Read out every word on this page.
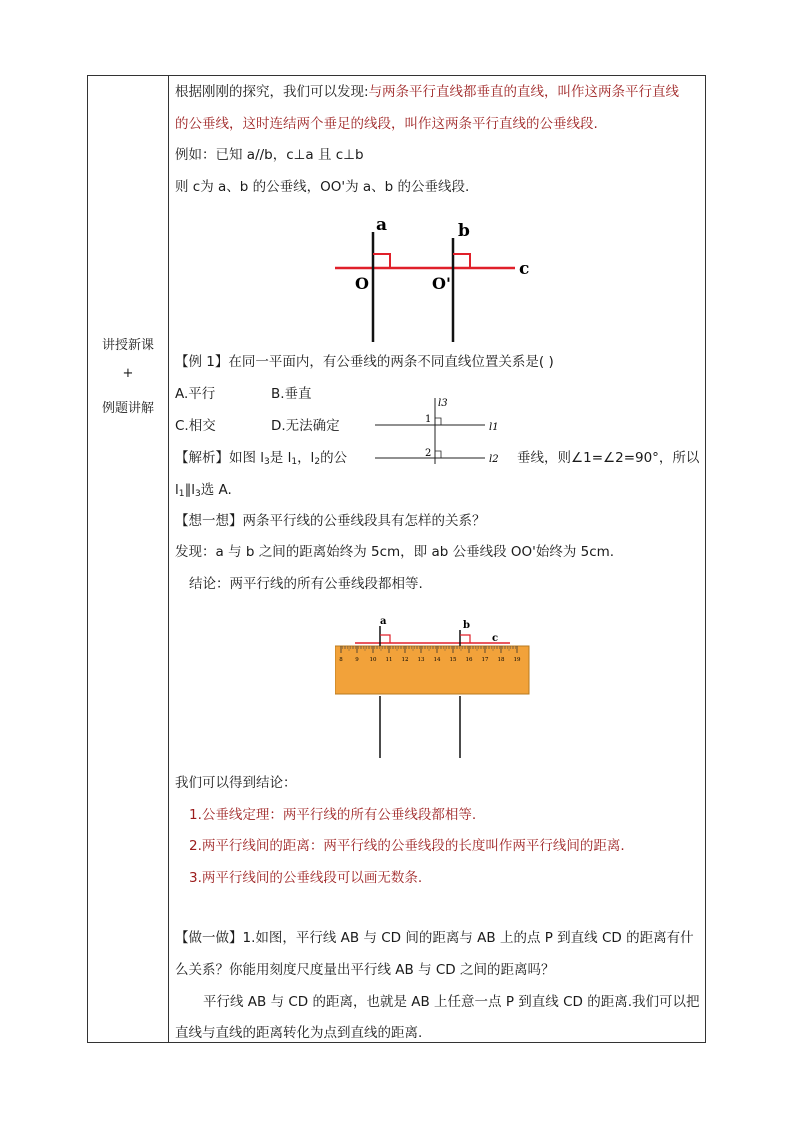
讲授新课
+
例题讲解
根据刚刚的探究，我们可以发现:与两条平行直线都垂直的直线，叫作这两条平行直线
的公垂线，这时连结两个垂足的线段，叫作这两条平行直线的公垂线段.
例如：已知 a//b，c⊥a 且 c⊥b
则 c为 a、b 的公垂线，OO'为 a、b 的公垂线段.
a	b
c
O	O'
【例 1】在同一平面内，有公垂线的两条不同直线位置关系是( )
A.平行	B.垂直
C.相交	D.无法确定
l3
l1
l2
1
2
【解析】如图 $l_3$是 $l_1$，$l_2$的公	垂线，则∠1=∠2=90°，所以
$l_1\parallel l_3$选 A.
【想一想】两条平行线的公垂线段具有怎样的关系？
发现：a 与 b 之间的距离始终为 5cm，即 ab 公垂线段 OO'始终为 5cm.
结论：两平行线的所有公垂线段都相等.
8 9 10 11 12 13 14 15 16 17 18 19
a	b
c
我们可以得到结论：
1.公垂线定理：两平行线的所有公垂线段都相等.
2.两平行线间的距离：两平行线的公垂线段的长度叫作两平行线间的距离.
3.两平行线间的公垂线段可以画无数条.
【做一做】1.如图，平行线 AB 与 CD 间的距离与 AB 上的点 P 到直线 CD 的距离有什
么关系？你能用刻度尺度量出平行线 AB 与 CD 之间的距离吗？
平行线 AB 与 CD 的距离，也就是 AB 上任意一点 P 到直线 CD 的距离.我们可以把
直线与直线的距离转化为点到直线的距离.
